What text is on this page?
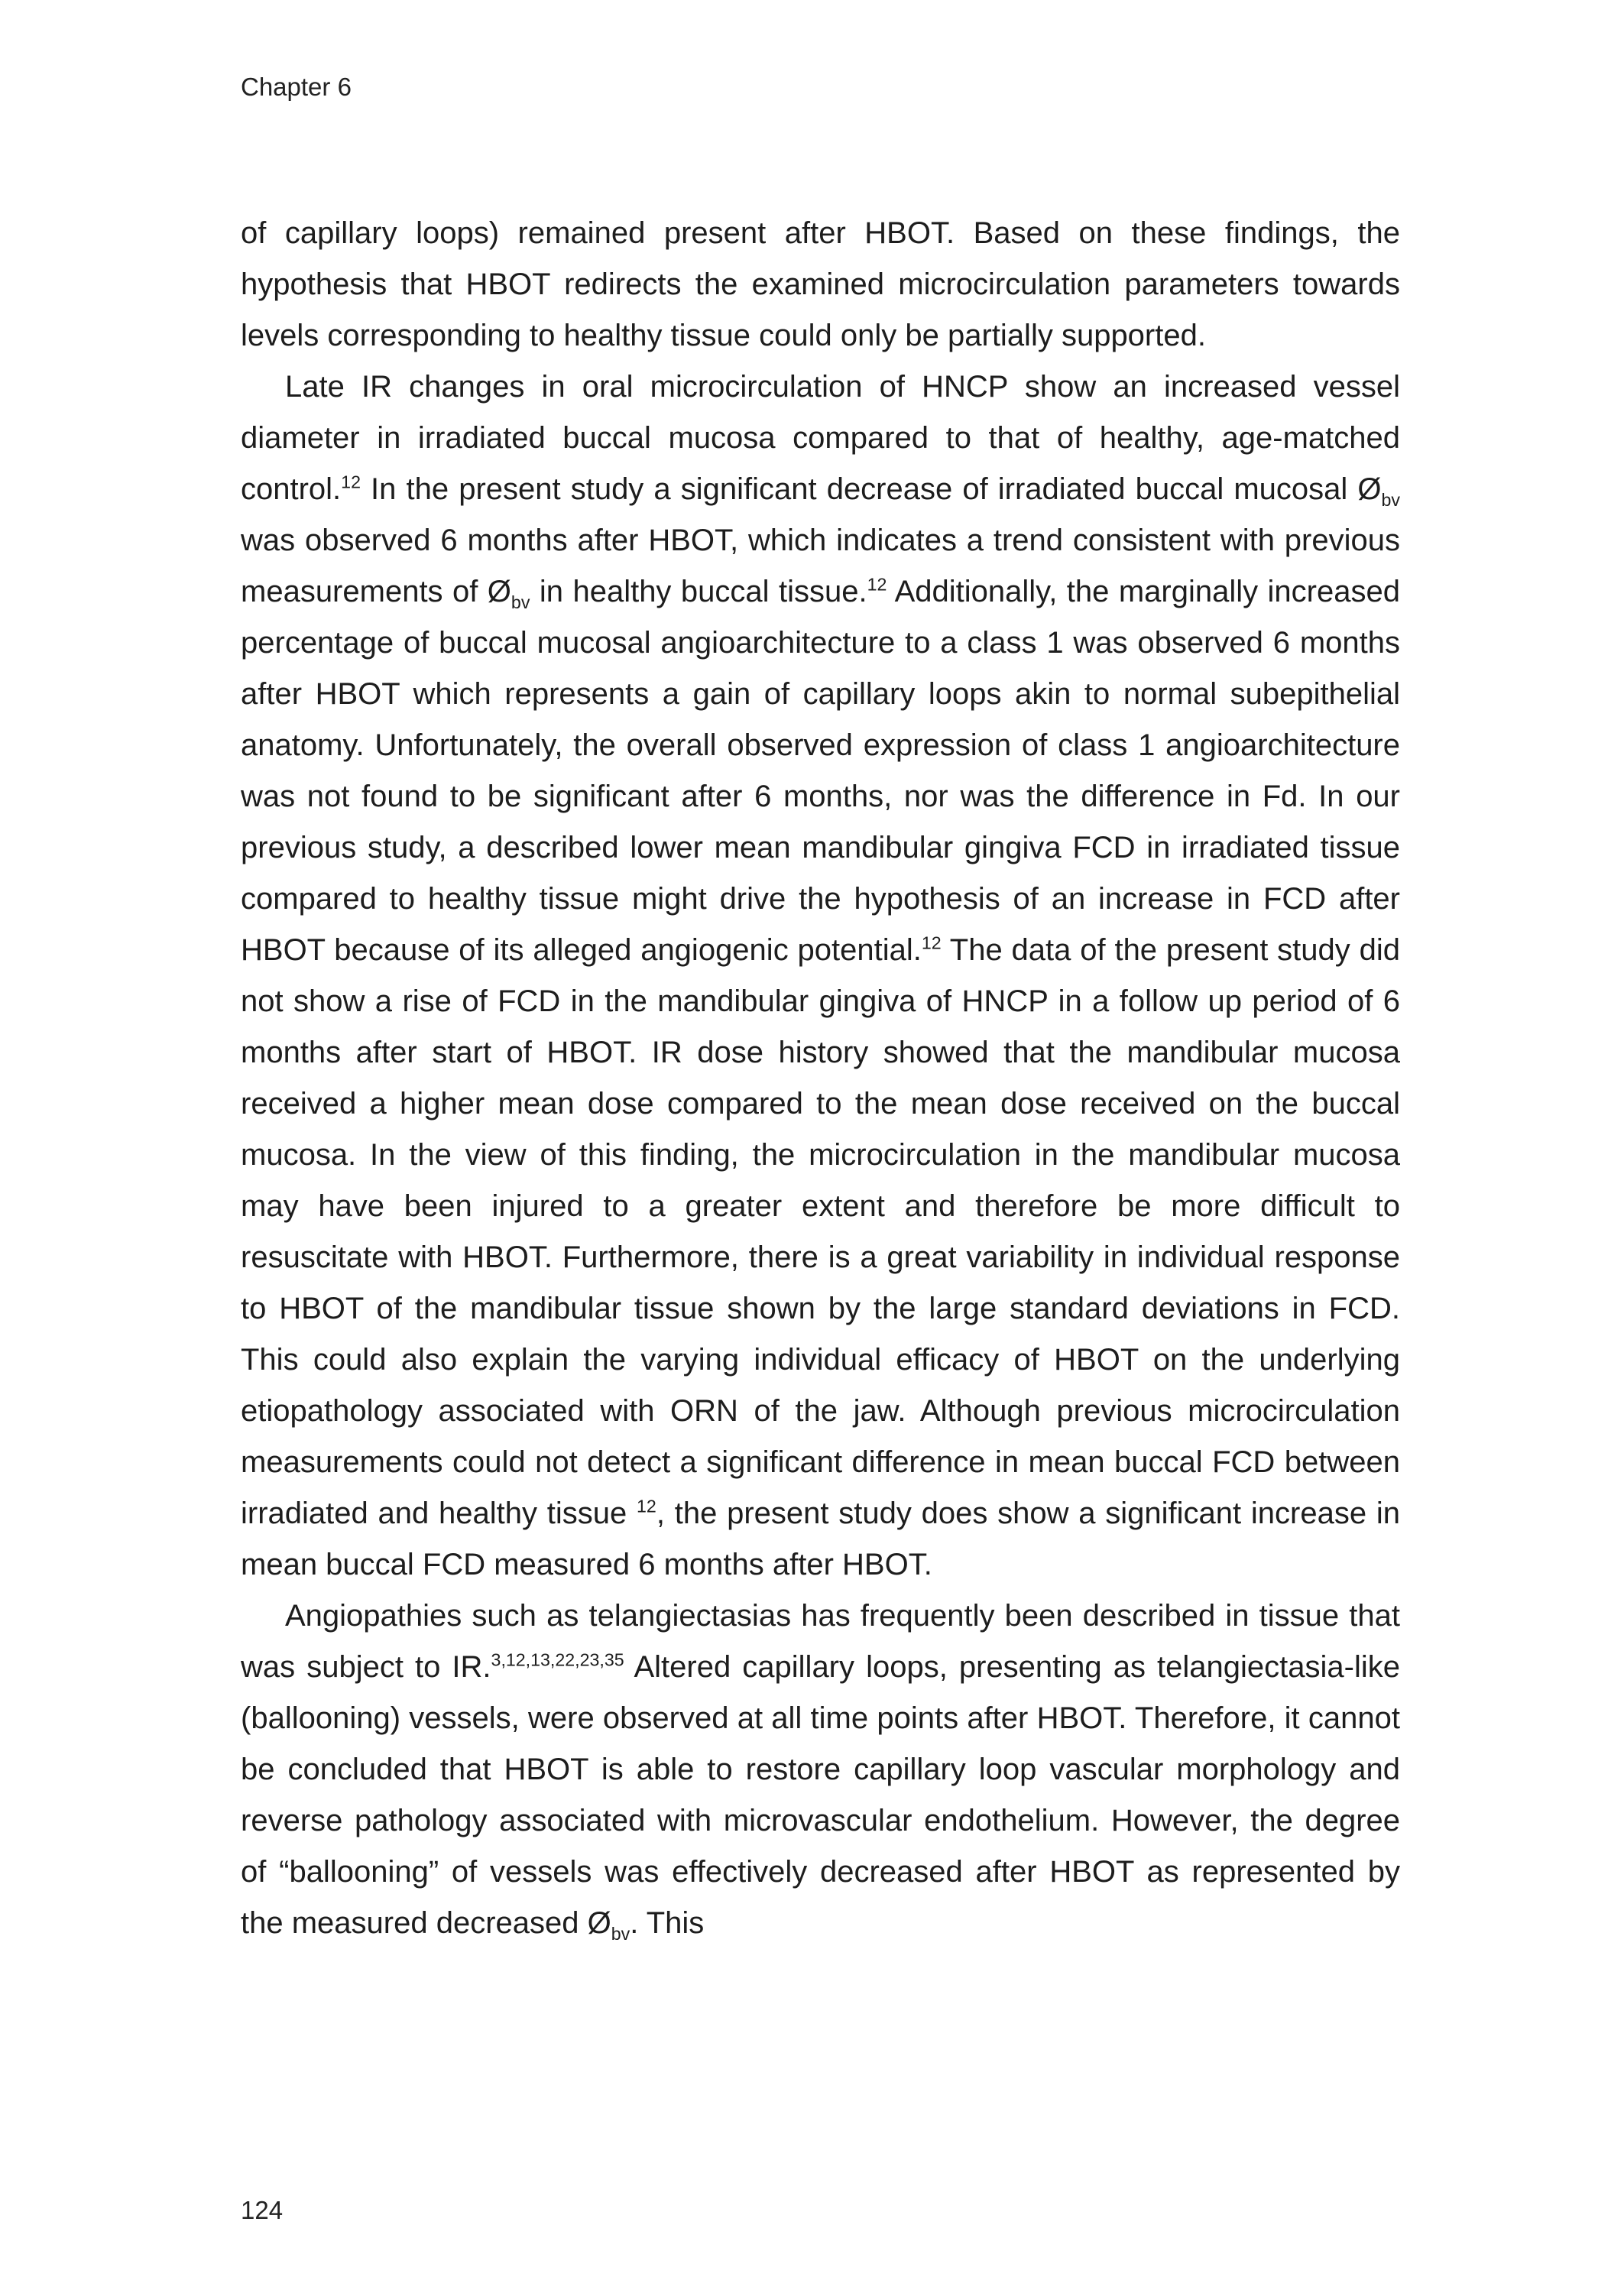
Chapter 6

of capillary loops) remained present after HBOT. Based on these findings, the hypothesis that HBOT redirects the examined microcirculation parameters towards levels corresponding to healthy tissue could only be partially supported.

Late IR changes in oral microcirculation of HNCP show an increased vessel diameter in irradiated buccal mucosa compared to that of healthy, age-matched control.$^{12}$ In the present study a significant decrease of irradiated buccal mucosal $Ø_{bv}$ was observed 6 months after HBOT, which indicates a trend consistent with previous measurements of $Ø_{bv}$ in healthy buccal tissue.$^{12}$ Additionally, the marginally increased percentage of buccal mucosal angioarchitecture to a class 1 was observed 6 months after HBOT which represents a gain of capillary loops akin to normal subepithelial anatomy. Unfortunately, the overall observed expression of class 1 angioarchitecture was not found to be significant after 6 months, nor was the difference in Fd. In our previous study, a described lower mean mandibular gingiva FCD in irradiated tissue compared to healthy tissue might drive the hypothesis of an increase in FCD after HBOT because of its alleged angiogenic potential.$^{12}$ The data of the present study did not show a rise of FCD in the mandibular gingiva of HNCP in a follow up period of 6 months after start of HBOT. IR dose history showed that the mandibular mucosa received a higher mean dose compared to the mean dose received on the buccal mucosa. In the view of this finding, the microcirculation in the mandibular mucosa may have been injured to a greater extent and therefore be more difficult to resuscitate with HBOT. Furthermore, there is a great variability in individual response to HBOT of the mandibular tissue shown by the large standard deviations in FCD. This could also explain the varying individual efficacy of HBOT on the underlying etiopathology associated with ORN of the jaw. Although previous microcirculation measurements could not detect a significant difference in mean buccal FCD between irradiated and healthy tissue $^{12}$, the present study does show a significant increase in mean buccal FCD measured 6 months after HBOT.

Angiopathies such as telangiectasias has frequently been described in tissue that was subject to IR.$^{3,12,13,22,23,35}$ Altered capillary loops, presenting as telangiectasia-like (ballooning) vessels, were observed at all time points after HBOT. Therefore, it cannot be concluded that HBOT is able to restore capillary loop vascular morphology and reverse pathology associated with microvascular endothelium. However, the degree of “ballooning” of vessels was effectively decreased after HBOT as represented by the measured decreased $Ø_{bv}$. This

124
